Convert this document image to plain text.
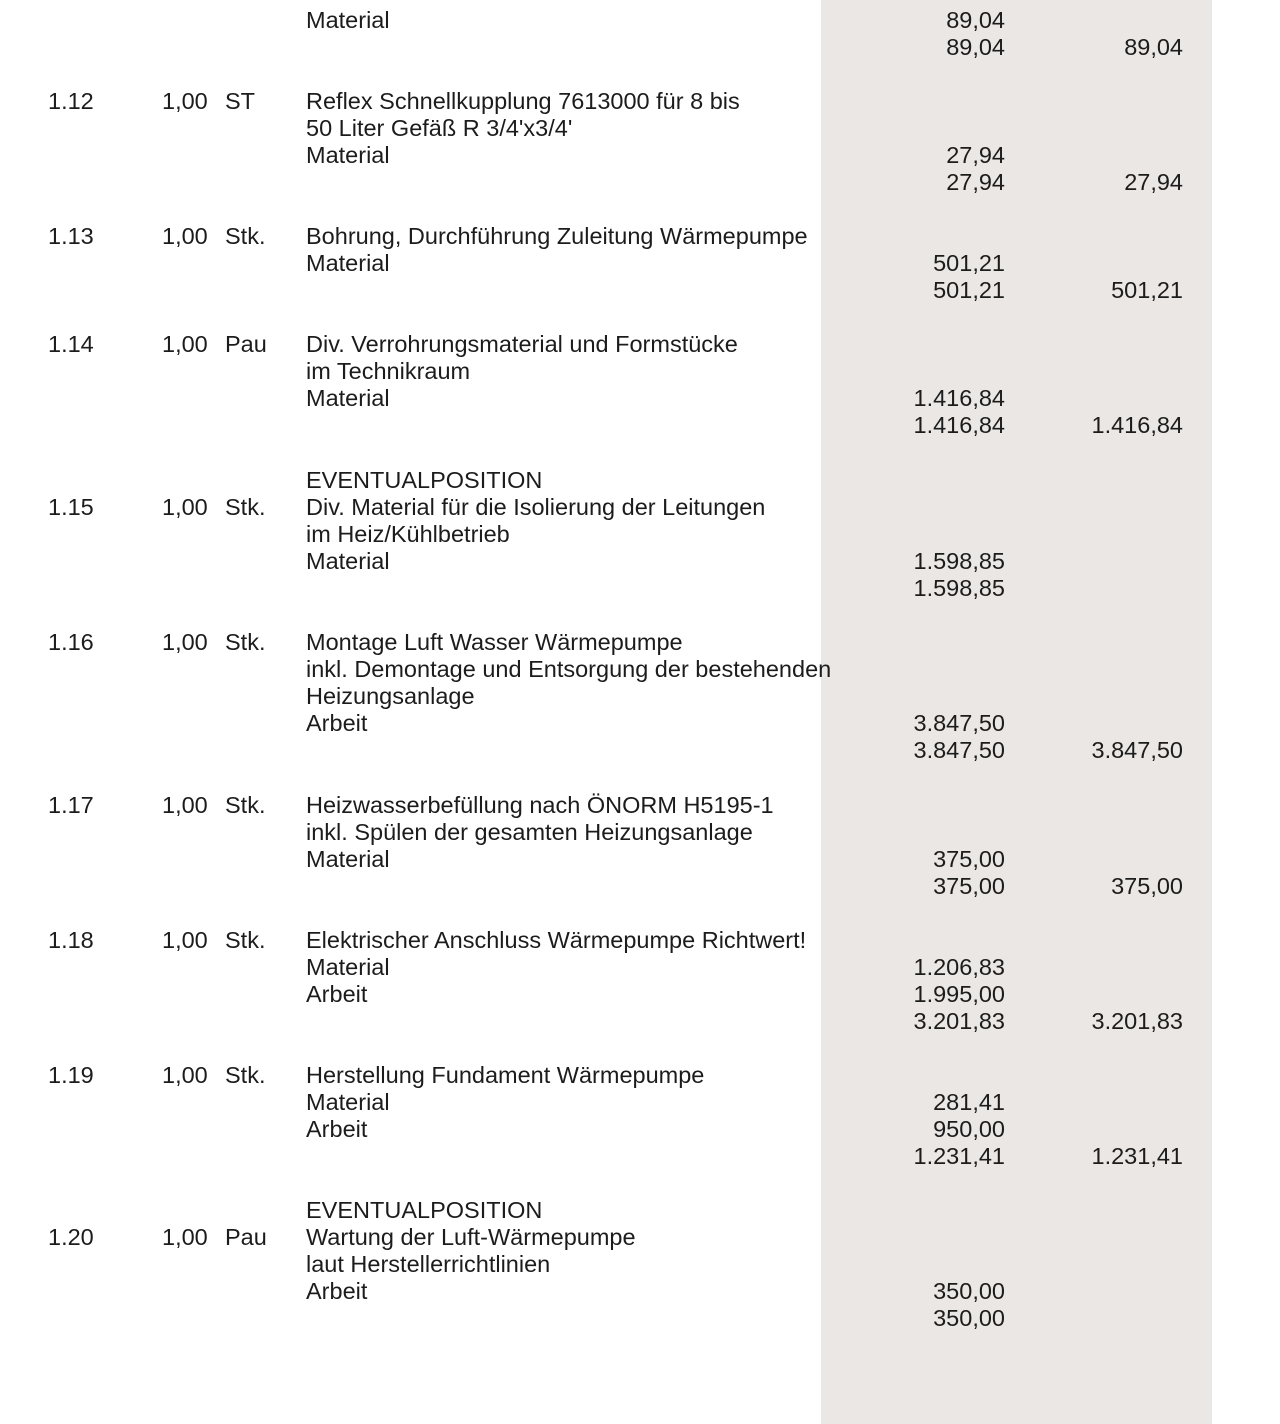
Material	89,04
89,04	89,04
1.12	1,00 ST Reflex Schnellkupplung 7613000 für 8 bis
50 Liter Gefäß R 3/4'x3/4'
Material	27,94
27,94	27,94
1.13	1,00 Stk. Bohrung, Durchführung Zuleitung Wärmepumpe
Material	501,21
501,21	501,21
1.14	1,00 Pau Div. Verrohrungsmaterial und Formstücke
im Technikraum
Material	1.416,84
1.416,84	1.416,84
1.15	1,00 Stk.
EVENTUALPOSITION
Div. Material für die Isolierung der Leitungen
im Heiz/Kühlbetrieb
Material	1.598,85
1.598,85
1.16	1,00 Stk. Montage Luft Wasser Wärmepumpe
inkl. Demontage und Entsorgung der bestehenden
Heizungsanlage
Arbeit	3.847,50
3.847,50	3.847,50
1.17	1,00 Stk. Heizwasserbefüllung nach ÖNORM H5195-1
inkl. Spülen der gesamten Heizungsanlage
Material	375,00
375,00	375,00
1.18	1,00 Stk. Elektrischer Anschluss Wärmepumpe Richtwert!
Material	1.206,83
Arbeit	1.995,00
3.201,83	3.201,83
1.19	1,00 Stk. Herstellung Fundament Wärmepumpe
Material	281,41
Arbeit	950,00
1.231,41	1.231,41
1.20	1,00 Pau
EVENTUALPOSITION
Wartung der Luft-Wärmepumpe
laut Herstellerrichtlinien
Arbeit	350,00
350,00
